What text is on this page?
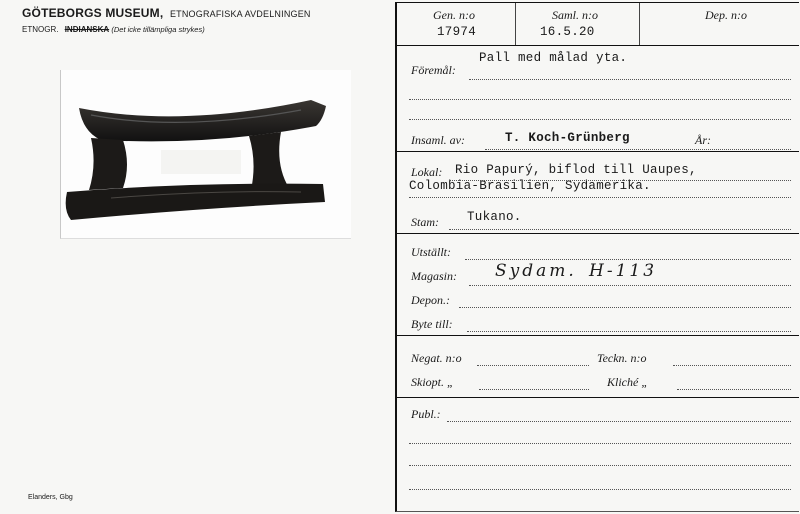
GÖTEBORGS MUSEUM, ETNOGRAFISKA AVDELNINGEN
ETNOGR. INDIANSKA (Det icke tillämpliga strykes)
Elanders, Gbg
Gen. n:o	Saml. n:o	Dep. n:o
17974	16.5.20
Föremål:
Pall med målad yta.
Insaml. av:	T. Koch-Grünberg	År:
Lokal: Rio Papurý, biflod till Uaupes,
Colombia-Brasilien, Sydamerika.
Stam: Tukano.
Utställt:
Magasin: Sydam. H-113
Depon.:
Byte till:
Negat. n:o	Teckn. n:o
Skiopt. „	Kliché „
Publ.:
